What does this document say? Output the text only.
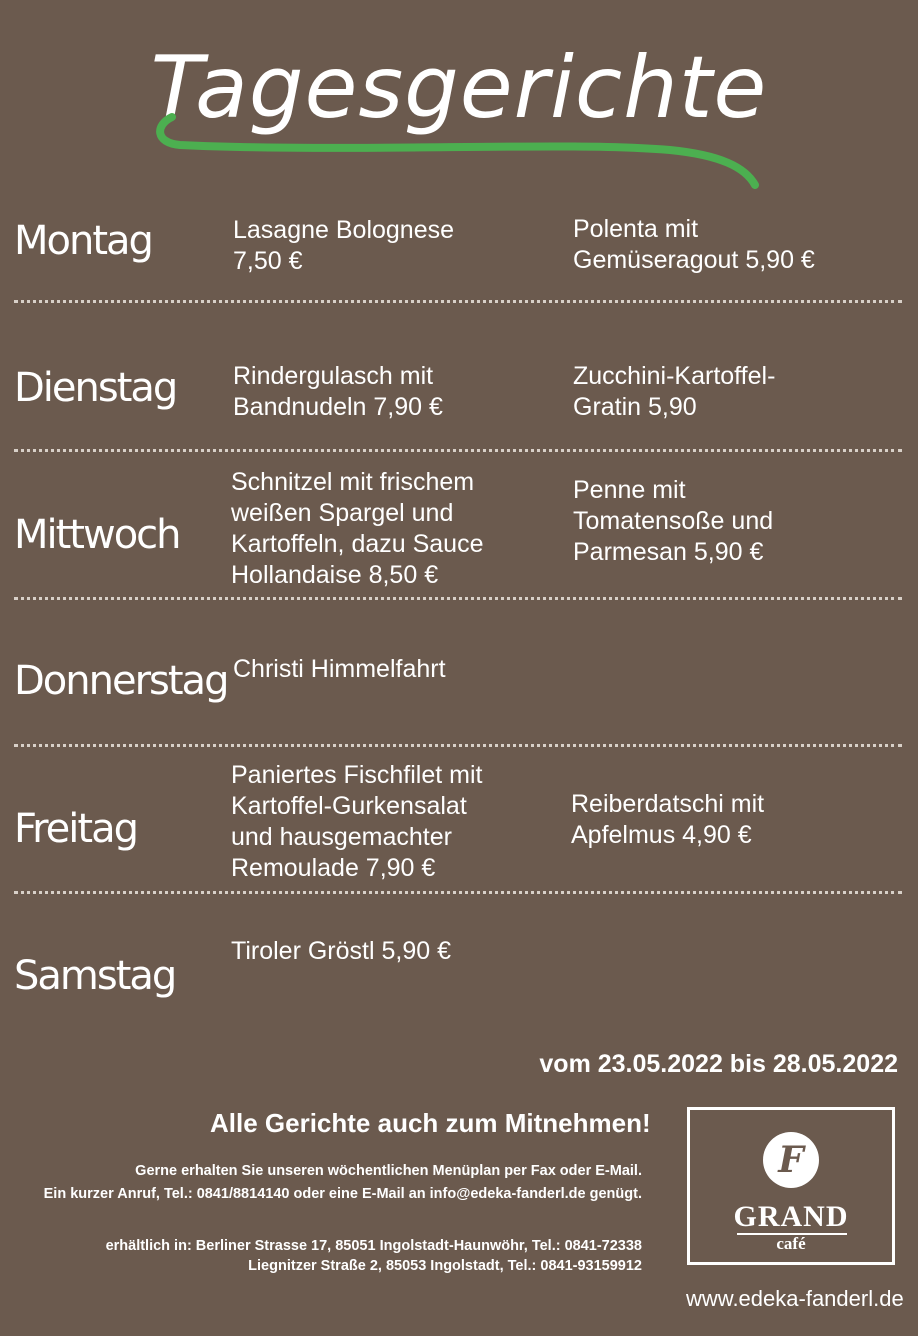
Tagesgerichte
Montag	Lasagne Bolognese
7,50 €
Polenta mit
Gemüseragout 5,90 €
Dienstag Rindergulasch mit
Bandnudeln 7,90 €
Zucchini-Kartoffel-
Gratin 5,90
Mittwoch
Schnitzel mit frischem
weißen Spargel und
Kartoffeln, dazu Sauce
Hollandaise 8,50 €
Penne mit
Tomatensoße und
Parmesan 5,90 €
Donnerstag Christi Himmelfahrt
Freitag
Paniertes Fischfilet mit
Kartoffel-Gurkensalat
und hausgemachter
Remoulade 7,90 €
Reiberdatschi mit
Apfelmus 4,90 €
Samstag
Tiroler Gröstl 5,90 €
vom 23.05.2022 bis 28.05.2022
Alle Gerichte auch zum Mitnehmen!
Gerne erhalten Sie unseren wöchentlichen Menüplan per Fax oder E-Mail.
Ein kurzer Anruf, Tel.: 0841/8814140 oder eine E-Mail an info@edeka-fanderl.de genügt.
erhältlich in: Berliner Strasse 17, 85051 Ingolstadt-Haunwöhr, Tel.: 0841-72338
Liegnitzer Straße 2, 85053 Ingolstadt, Tel.: 0841-93159912
F
GRAND
café
www.edeka-fanderl.de
